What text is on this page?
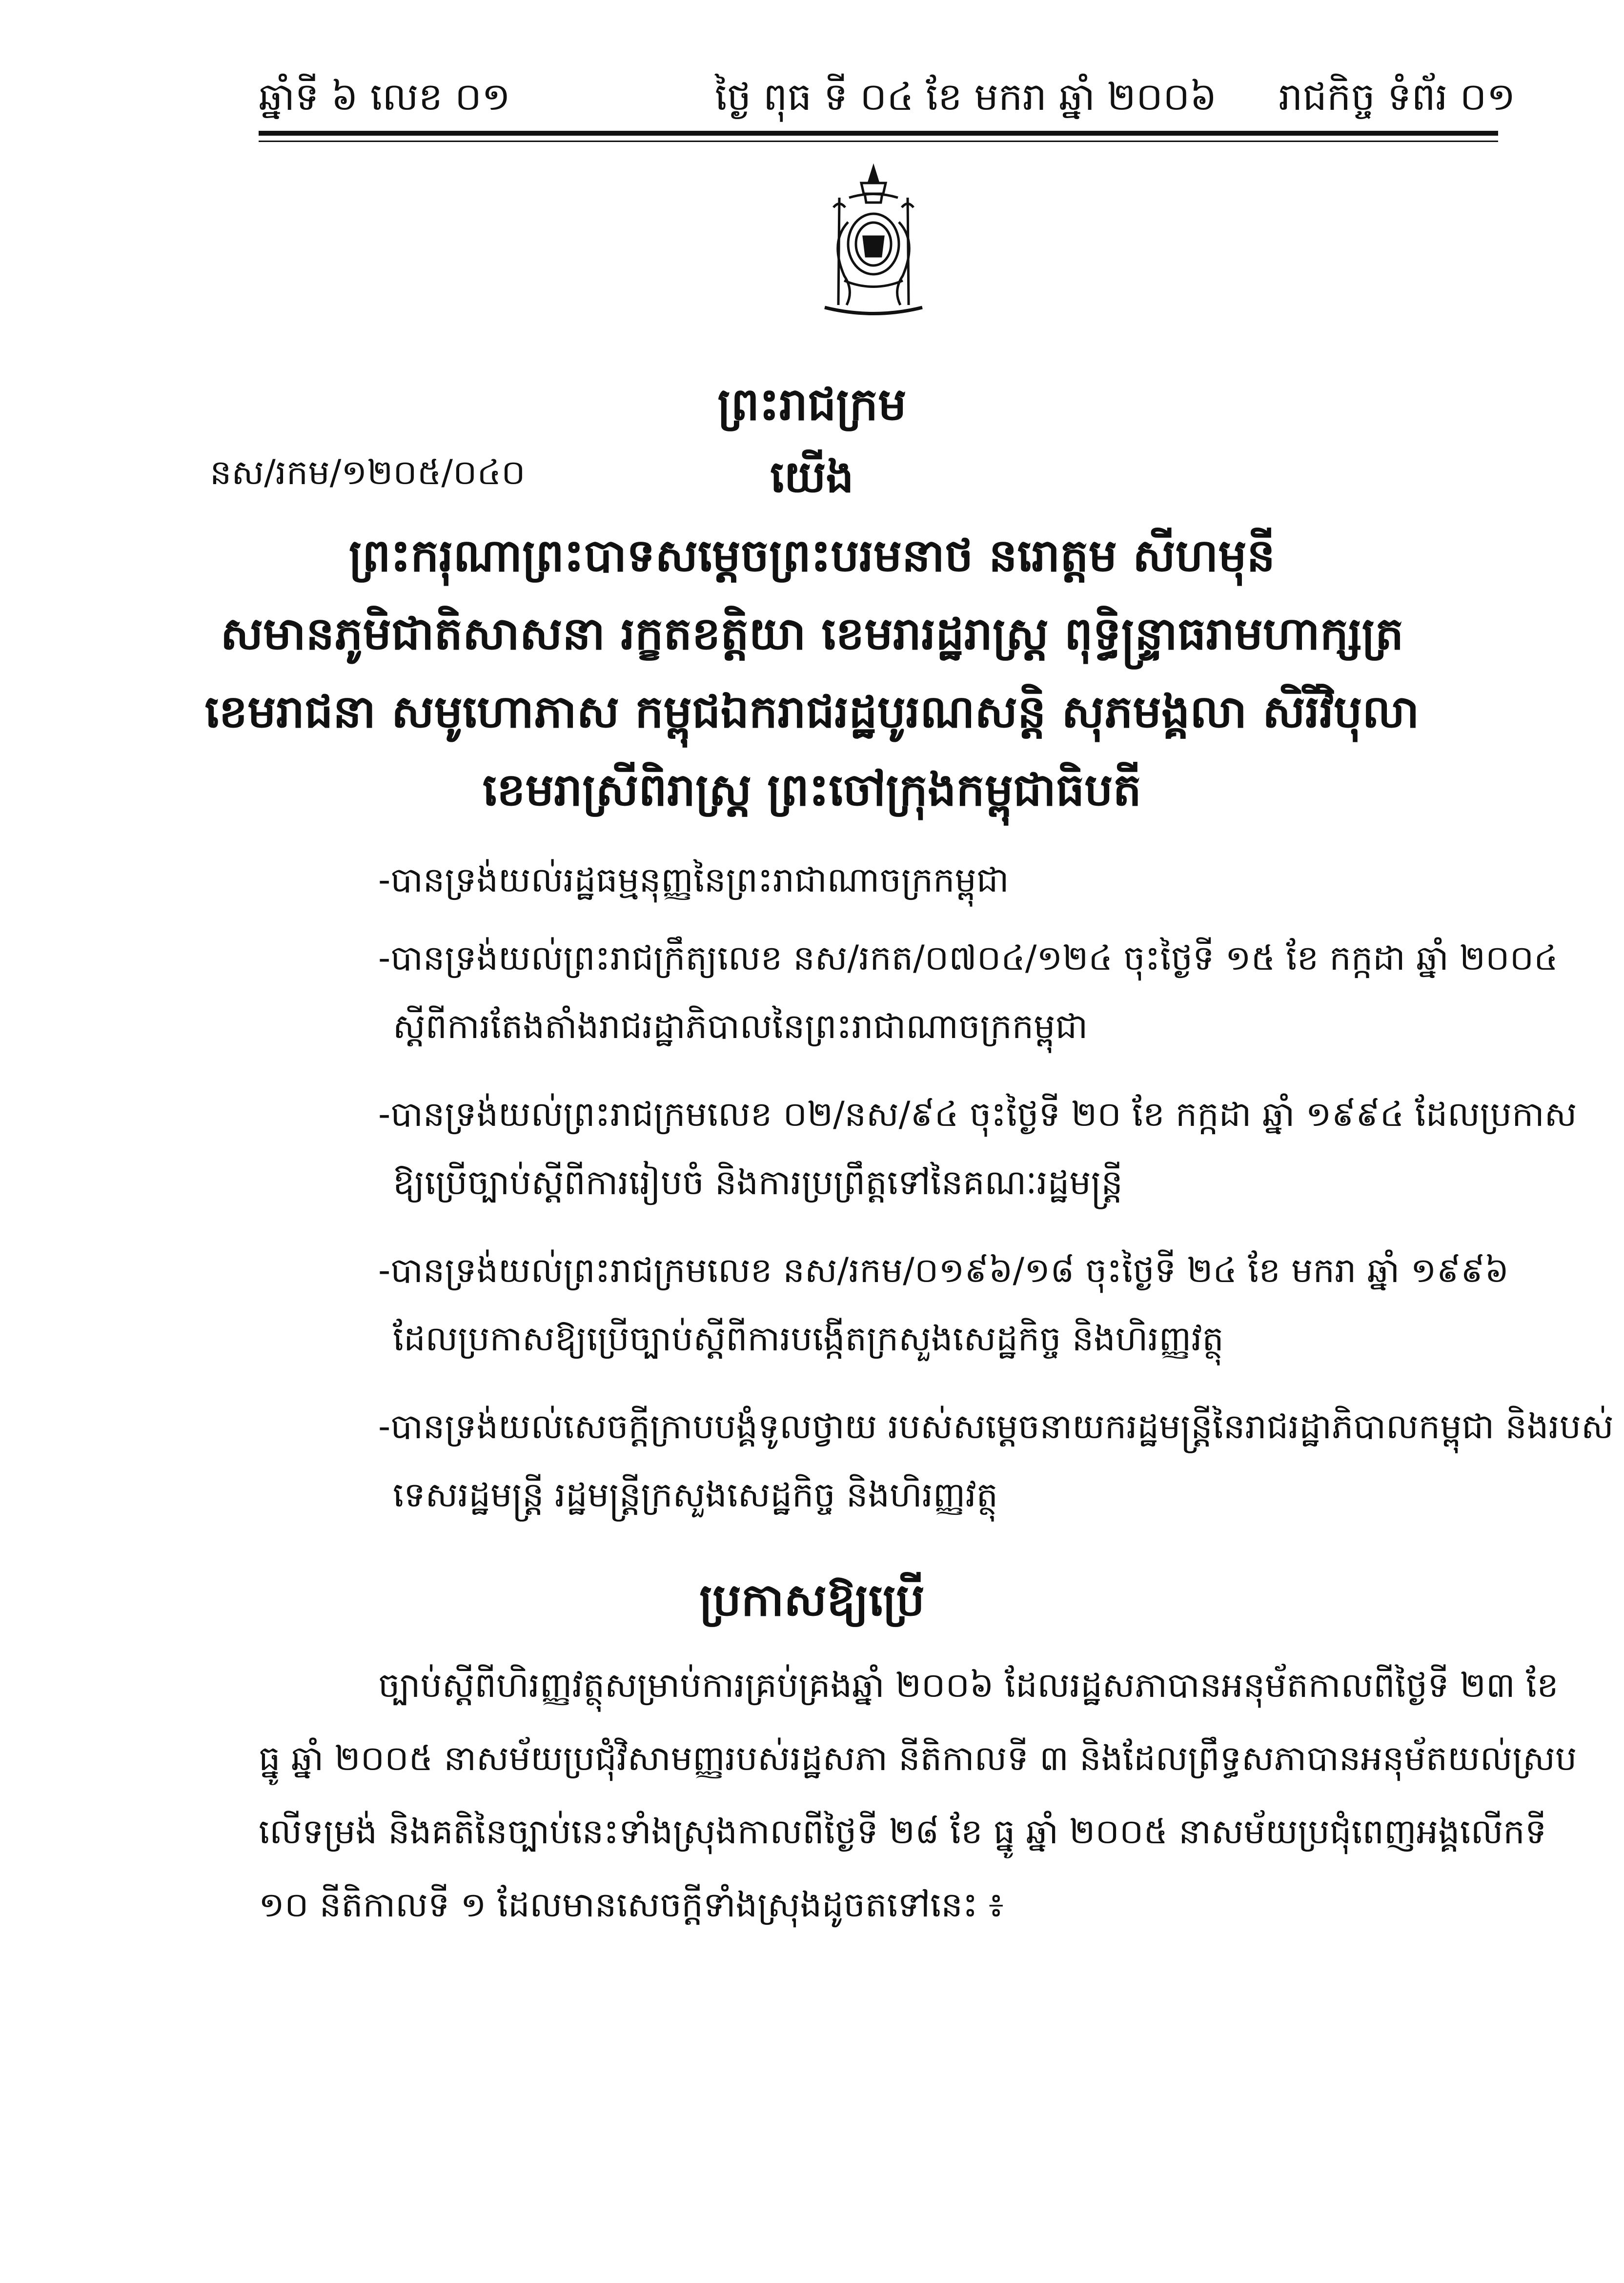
ឆ្នាំទី ៦ លេខ ០១	ថ្ងៃ ពុធ ទី ០៤ ខែ មករា ឆ្នាំ ២០០៦ រាជកិច្ច ទំព័រ ០១
ព្រះរាជក្រម
នស/រកម/១២០៥/០៤០	យើង
ព្រះករុណាព្រះបាទសម្តេចព្រះបរមនាថ នរោត្តម សីហមុនី
សមានភូមិជាតិសាសនា រក្ខតខត្តិយា ខេមរារដ្ឋរាស្ត្រ ពុទ្ធិន្ទ្រាធរាមហាក្សត្រ
ខេមរាជនា សមូហោភាស កម្ពុជឯករាជរដ្ឋបូរណសន្តិ សុភមង្គលា សិរីវិបុលា
ខេមរាស្រីពិរាស្ត្រ ព្រះចៅក្រុងកម្ពុជាធិបតី
-បានទ្រង់យល់រដ្ឋធម្មនុញ្ញនៃព្រះរាជាណាចក្រកម្ពុជា
-បានទ្រង់យល់ព្រះរាជក្រឹត្យលេខ នស/រកត/០៧០៤/១២៤ ចុះថ្ងៃទី ១៥ ខែ កក្កដា ឆ្នាំ ២០០៤
ស្តីពីការតែងតាំងរាជរដ្ឋាភិបាលនៃព្រះរាជាណាចក្រកម្ពុជា
-បានទ្រង់យល់ព្រះរាជក្រមលេខ ០២/នស/៩៤ ចុះថ្ងៃទី ២០ ខែ កក្កដា ឆ្នាំ ១៩៩៤ ដែលប្រកាស
ឱ្យប្រើច្បាប់ស្តីពីការរៀបចំ និងការប្រព្រឹត្តទៅនៃគណៈរដ្ឋមន្ត្រី
-បានទ្រង់យល់ព្រះរាជក្រមលេខ នស/រកម/០១៩៦/១៨ ចុះថ្ងៃទី ២៤ ខែ មករា ឆ្នាំ ១៩៩៦
ដែលប្រកាសឱ្យប្រើច្បាប់ស្តីពីការបង្កើតក្រសួងសេដ្ឋកិច្ច និងហិរញ្ញវត្ថុ
-បានទ្រង់យល់សេចក្តីក្រាបបង្គំទូលថ្វាយ របស់សម្តេចនាយករដ្ឋមន្ត្រីនៃរាជរដ្ឋាភិបាលកម្ពុជា និងរបស់
ទេសរដ្ឋមន្ត្រី រដ្ឋមន្ត្រីក្រសួងសេដ្ឋកិច្ច និងហិរញ្ញវត្ថុ
ប្រកាសឱ្យប្រើ
ច្បាប់ស្តីពីហិរញ្ញវត្ថុសម្រាប់ការគ្រប់គ្រងឆ្នាំ ២០០៦ ដែលរដ្ឋសភាបានអនុម័តកាលពីថ្ងៃទី ២៣ ខែ
ធ្នូ ឆ្នាំ ២០០៥ នាសម័យប្រជុំវិសាមញ្ញរបស់រដ្ឋសភា នីតិកាលទី ៣ និងដែលព្រឹទ្ធសភាបានអនុម័តយល់ស្រប
លើទម្រង់ និងគតិនៃច្បាប់នេះទាំងស្រុងកាលពីថ្ងៃទី ២៨ ខែ ធ្នូ ឆ្នាំ ២០០៥ នាសម័យប្រជុំពេញអង្គលើកទី
១០ នីតិកាលទី ១ ដែលមានសេចក្តីទាំងស្រុងដូចតទៅនេះ ៖
